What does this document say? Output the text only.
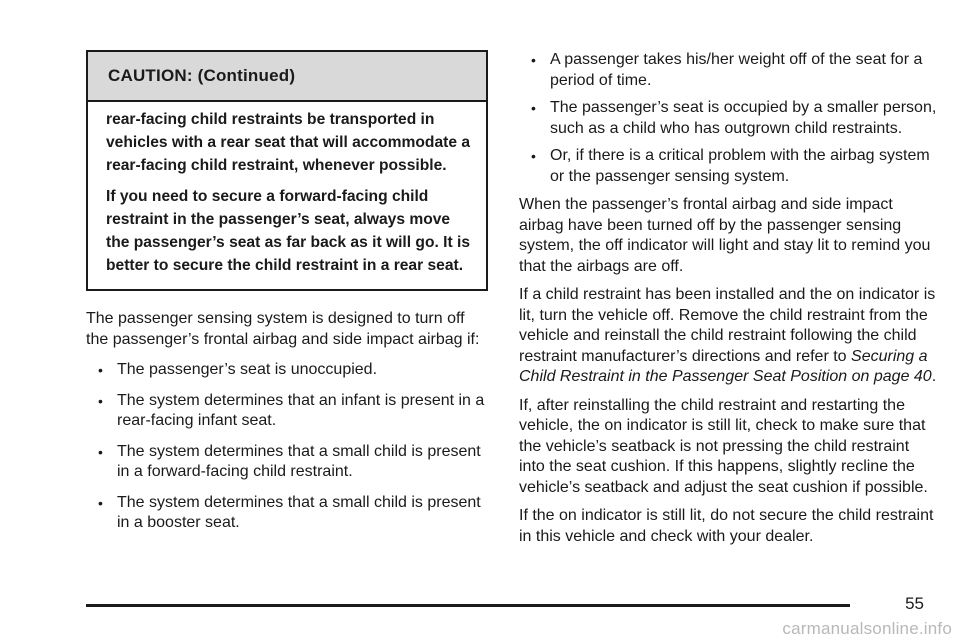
CAUTION: (Continued)

rear-facing child restraints be transported in vehicles with a rear seat that will accommodate a rear-facing child restraint, whenever possible.

If you need to secure a forward-facing child restraint in the passenger’s seat, always move the passenger’s seat as far back as it will go. It is better to secure the child restraint in a rear seat.

The passenger sensing system is designed to turn off the passenger’s frontal airbag and side impact airbag if:

• The passenger’s seat is unoccupied.
• The system determines that an infant is present in a rear-facing infant seat.
• The system determines that a small child is present in a forward-facing child restraint.
• The system determines that a small child is present in a booster seat.
• A passenger takes his/her weight off of the seat for a period of time.
• The passenger’s seat is occupied by a smaller person, such as a child who has outgrown child restraints.
• Or, if there is a critical problem with the airbag system or the passenger sensing system.

When the passenger’s frontal airbag and side impact airbag have been turned off by the passenger sensing system, the off indicator will light and stay lit to remind you that the airbags are off.

If a child restraint has been installed and the on indicator is lit, turn the vehicle off. Remove the child restraint from the vehicle and reinstall the child restraint following the child restraint manufacturer’s directions and refer to Securing a Child Restraint in the Passenger Seat Position on page 40.

If, after reinstalling the child restraint and restarting the vehicle, the on indicator is still lit, check to make sure that the vehicle’s seatback is not pressing the child restraint into the seat cushion. If this happens, slightly recline the vehicle’s seatback and adjust the seat cushion if possible.

If the on indicator is still lit, do not secure the child restraint in this vehicle and check with your dealer.

55
carmanualsonline.info
